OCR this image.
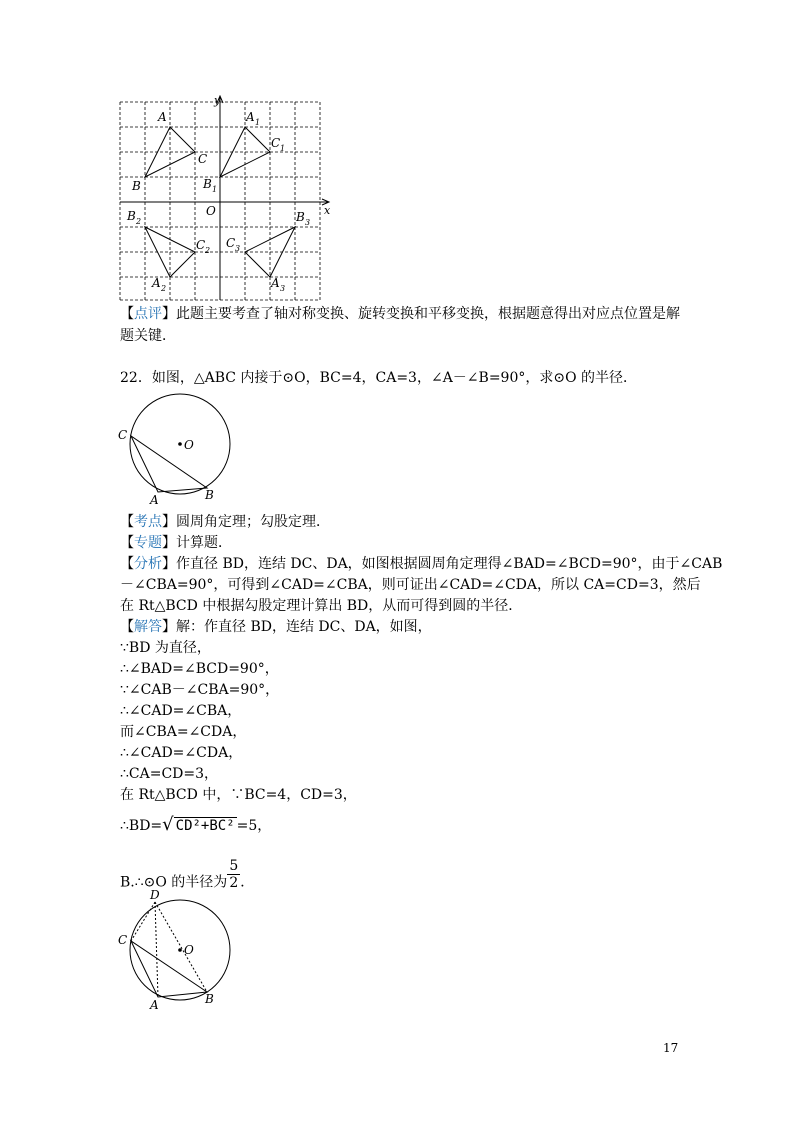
y
x
O
A
C
B
A 1
C 1
B 1
B 2
C 2
A 2
C 3
B 3
A 3
【点评】此题主要考查了轴对称变换、旋转变换和平移变换，根据题意得出对应点位置是解
题关键．
22．如图，△ABC 内接于⊙O，BC=4，CA=3，∠A－∠B=90°，求⊙O 的半径．
C
O
A	B
【考点】圆周角定理；勾股定理．
【专题】计算题．
【分析】作直径 BD，连结 DC、DA，如图根据圆周角定理得∠BAD=∠BCD=90°，由于∠CAB
－∠CBA=90°，可得到∠CAD=∠CBA，则可证出∠CAD=∠CDA，所以 CA=CD=3，然后
在 Rt△BCD 中根据勾股定理计算出 BD，从而可得到圆的半径．
【解答】解：作直径 BD，连结 DC、DA，如图，
∵BD 为直径，
∴∠BAD=∠BCD=90°，
∵∠CAB－∠CBA=90°，
∴∠CAD=∠CBA，
而∠CBA=∠CDA，
∴∠CAD=∠CDA，
∴CA=CD=3，
在 Rt△BCD 中，∵BC=4，CD=3，
∴BD=√ CD²+BC² =5，
B.∴⊙O 的半径为 $\frac{5}{2}$ ．
D
C
O
A	B
17
